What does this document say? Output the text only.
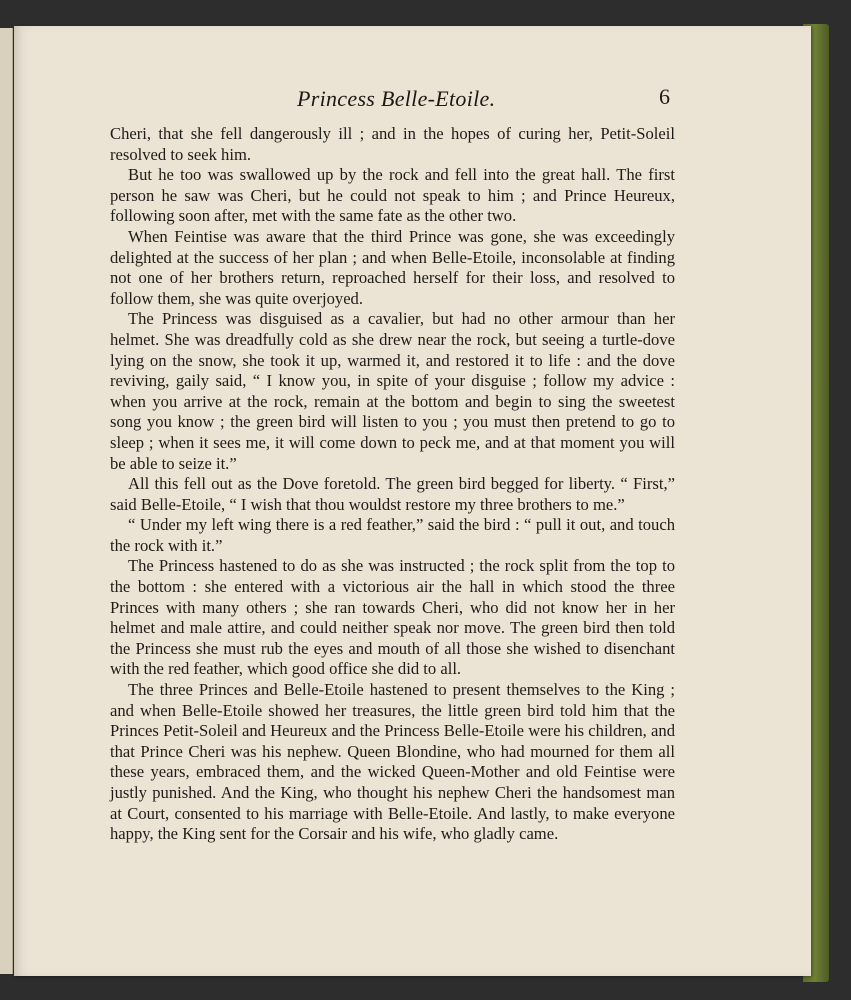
Princess Belle-Etoile.	6

Cheri, that she fell dangerously ill ; and in the hopes of curing her, Petit-Soleil resolved to seek him.

But he too was swallowed up by the rock and fell into the great hall. The first person he saw was Cheri, but he could not speak to him ; and Prince Heureux, following soon after, met with the same fate as the other two.

When Feintise was aware that the third Prince was gone, she was exceedingly delighted at the success of her plan ; and when Belle-Etoile, inconsolable at finding not one of her brothers return, reproached herself for their loss, and resolved to follow them, she was quite overjoyed.

The Princess was disguised as a cavalier, but had no other armour than her helmet. She was dreadfully cold as she drew near the rock, but seeing a turtle-dove lying on the snow, she took it up, warmed it, and restored it to life : and the dove reviving, gaily said, “ I know you, in spite of your disguise ; follow my advice : when you arrive at the rock, remain at the bottom and begin to sing the sweetest song you know ; the green bird will listen to you ; you must then pretend to go to sleep ; when it sees me, it will come down to peck me, and at that moment you will be able to seize it.”

All this fell out as the Dove foretold. The green bird begged for liberty. “ First,” said Belle-Etoile, “ I wish that thou wouldst restore my three brothers to me.”

“ Under my left wing there is a red feather,” said the bird : “ pull it out, and touch the rock with it.”

The Princess hastened to do as she was instructed ; the rock split from the top to the bottom : she entered with a victorious air the hall in which stood the three Princes with many others ; she ran towards Cheri, who did not know her in her helmet and male attire, and could neither speak nor move. The green bird then told the Princess she must rub the eyes and mouth of all those she wished to disenchant with the red feather, which good office she did to all.

The three Princes and Belle-Etoile hastened to present themselves to the King ; and when Belle-Etoile showed her treasures, the little green bird told him that the Princes Petit-Soleil and Heureux and the Princess Belle-Etoile were his children, and that Prince Cheri was his nephew. Queen Blondine, who had mourned for them all these years, embraced them, and the wicked Queen-Mother and old Feintise were justly punished. And the King, who thought his nephew Cheri the handsomest man at Court, consented to his marriage with Belle-Etoile. And lastly, to make everyone happy, the King sent for the Corsair and his wife, who gladly came.
